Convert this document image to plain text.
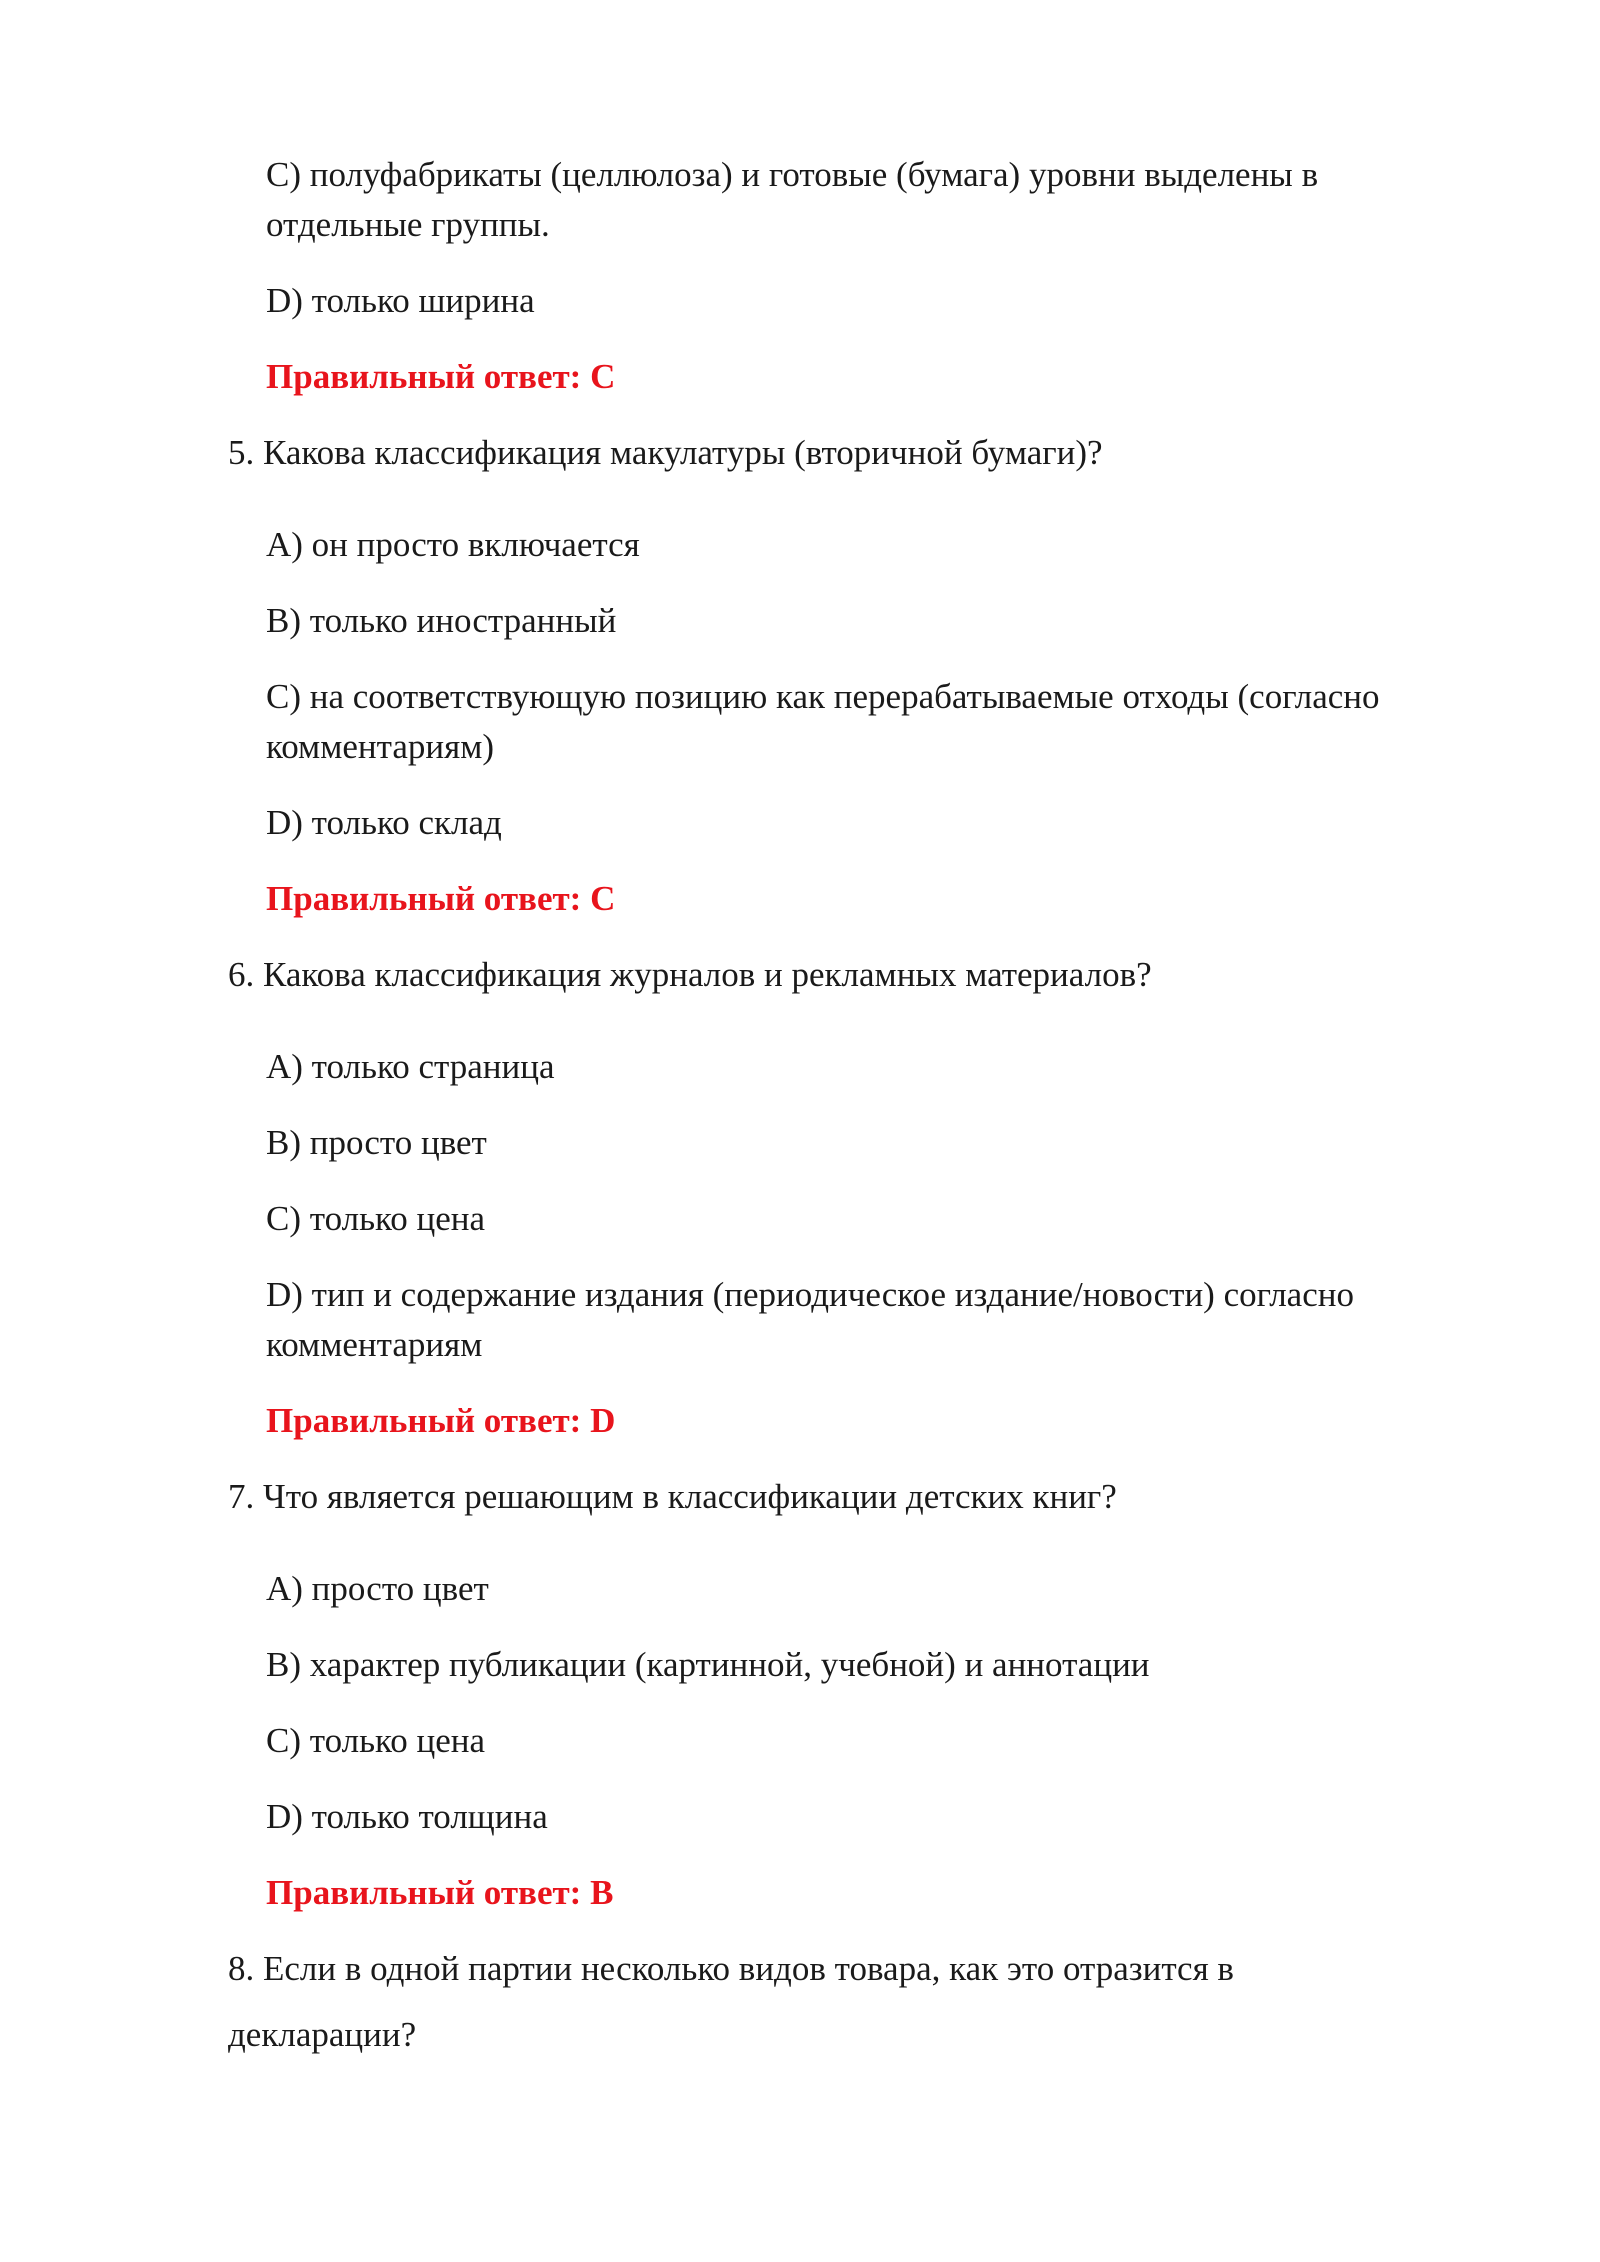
C) полуфабрикаты (целлюлоза) и готовые (бумага) уровни выделены в
отдельные группы.
D) только ширина
Правильный ответ: C
5. Какова классификация макулатуры (вторичной бумаги)?
A) он просто включается
B) только иностранный
C) на соответствующую позицию как перерабатываемые отходы (согласно
комментариям)
D) только склад
Правильный ответ: C
6. Какова классификация журналов и рекламных материалов?
A) только страница
B) просто цвет
C) только цена
D) тип и содержание издания (периодическое издание/новости) согласно
комментариям
Правильный ответ: D
7. Что является решающим в классификации детских книг?
A) просто цвет
B) характер публикации (картинной, учебной) и аннотации
C) только цена
D) только толщина
Правильный ответ: B
8. Если в одной партии несколько видов товара, как это отразится в
декларации?
